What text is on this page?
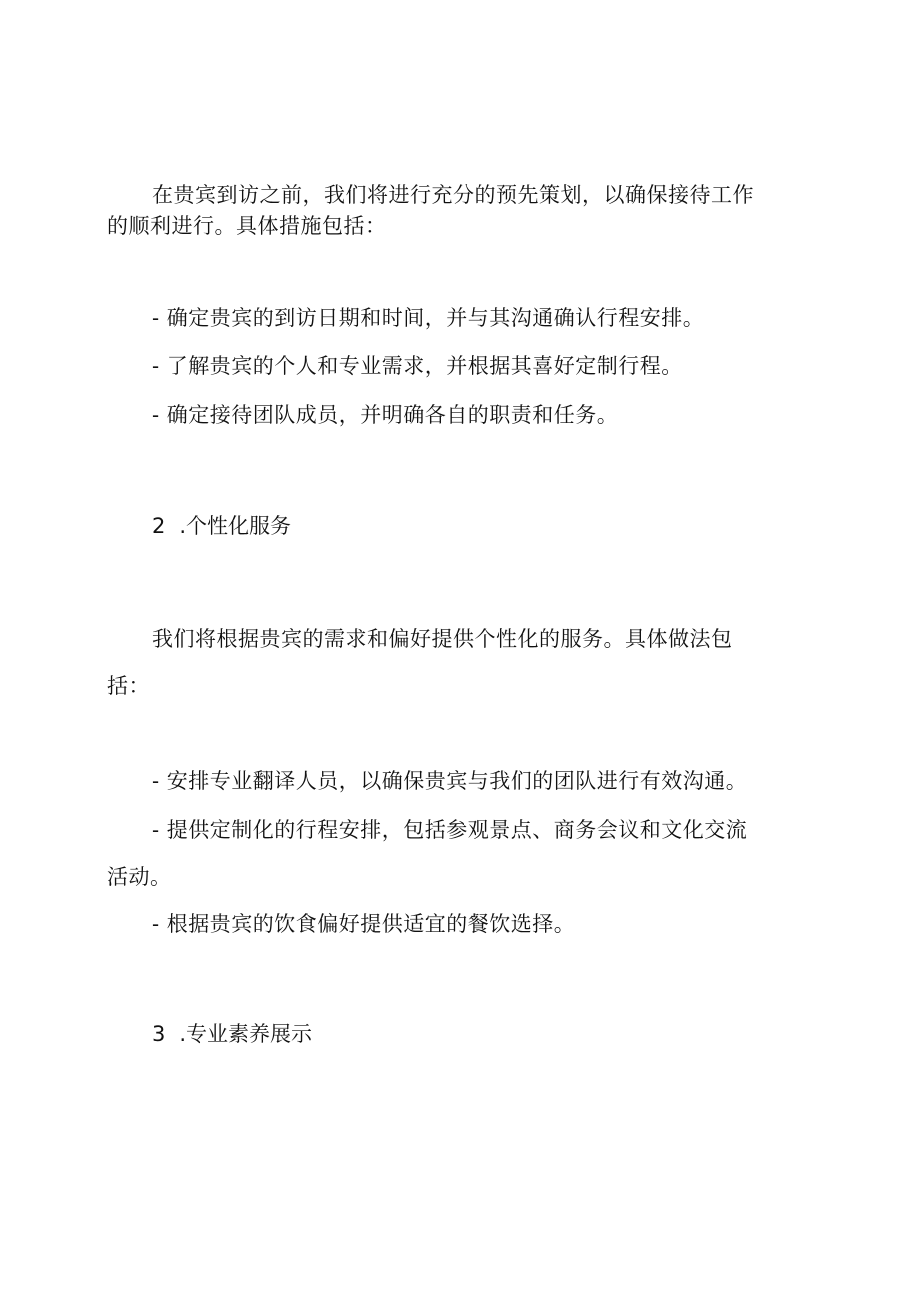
在贵宾到访之前，我们将进行充分的预先策划，以确保接待工作
的顺利进行。具体措施包括：
- 确定贵宾的到访日期和时间，并与其沟通确认行程安排。
- 了解贵宾的个人和专业需求，并根据其喜好定制行程。
- 确定接待团队成员，并明确各自的职责和任务。
2 .个性化服务
我们将根据贵宾的需求和偏好提供个性化的服务。具体做法包
括：
- 安排专业翻译人员，以确保贵宾与我们的团队进行有效沟通。
- 提供定制化的行程安排，包括参观景点、商务会议和文化交流
活动。
- 根据贵宾的饮食偏好提供适宜的餐饮选择。
3 .专业素养展示
